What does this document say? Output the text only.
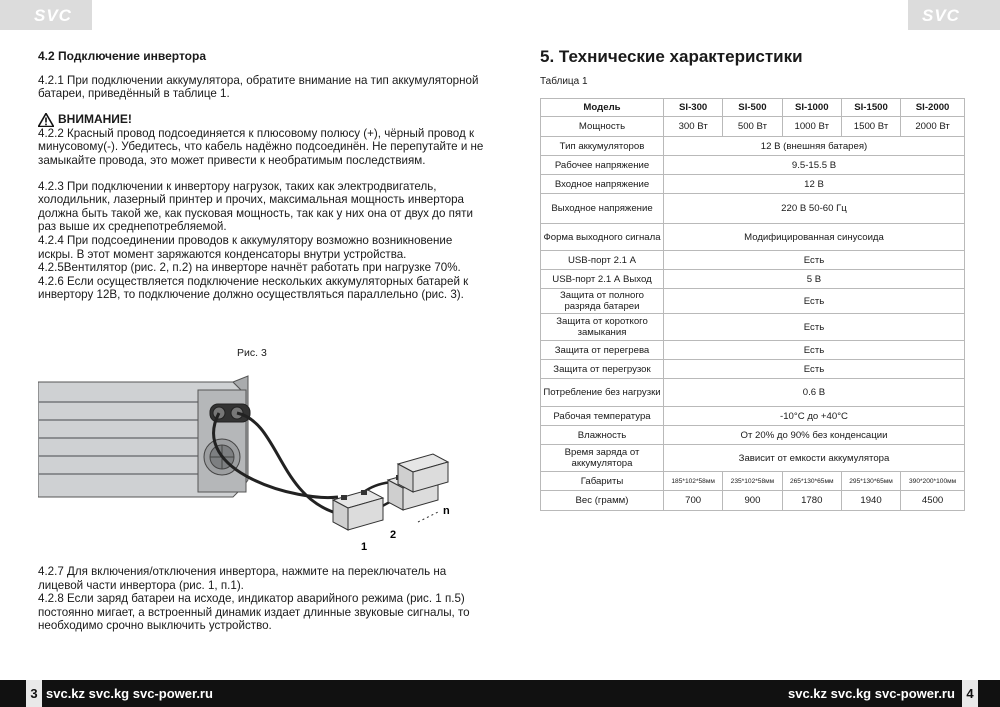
SVC	SVC
4.2 Подключение инвертора

4.2.1 При подключении аккумулятора, обратите внимание на тип аккумуляторной батареи, приведённый в таблице 1.

ВНИМАНИЕ!

4.2.2 Красный провод подсоединяется к плюсовому полюсу (+), чёрный провод к минусовому(-). Убедитесь, что кабель надёжно подсоединён. Не перепутайте и не замыкайте провода, это может привести к необратимым последствиям.

4.2.3 При подключении к инвертору нагрузок, таких как электродвигатель, холодильник, лазерный принтер и прочих, максимальная мощность инвертора должна быть такой же, как пусковая мощность, так как у них она от двух до пяти раз выше их среднепотребляемой.

4.2.4 При подсоединении проводов к аккумулятору возможно возникновение искры. В этот момент заряжаются конденсаторы внутри устройства.

4.2.5Вентилятор (рис. 2, п.2) на инверторе начнёт работать при нагрузке 70%.

4.2.6 Если осуществляется подключение нескольких аккумуляторных батарей к инвертору 12В, то подключение должно осуществляться параллельно (рис. 3).

Рис. 3
1
2
n

4.2.7 Для включения/отключения инвертора, нажмите на переключатель на лицевой части инвертора (рис. 1, п.1).

4.2.8 Если заряд батареи на исходе, индикатор аварийного режима (рис. 1 п.5) постоянно мигает, а встроенный динамик издает длинные звуковые сигналы, то необходимо срочно выключить устройство.

5. Технические характеристики
Таблица 1
Модель	SI-300	SI-500	SI-1000	SI-1500	SI-2000
Мощность	300 Вт	500 Вт	1000 Вт	1500 Вт	2000 Вт
Тип аккумуляторов	12 В (внешняя батарея)				
Рабочее напряжение	9.5-15.5 В				
Входное напряжение	12 В				
Выходное напряжение	220 В 50-60 Гц				
Форма выходного сигнала	Модифицированная синусоида				
USB-порт 2.1 А	Есть				
USB-порт 2.1 А Выход	5 В				
Защита от полного разряда батареи	Есть				
Защита от короткого замыкания	Есть				
Защита от перегрева	Есть				
Защита от перегрузок	Есть				
Потребление без нагрузки	0.6 В				
Рабочая температура	-10°C до +40°C				
Влажность	От 20% до 90% без конденсации				
Время заряда от аккумулятора	Зависит от емкости аккумулятора				
Габариты	185*102*58мм	235*102*58мм	265*130*65мм	295*130*65мм	390*200*100мм
Вес (грамм)	700	900	1780	1940	4500
3 svc.kz svc.kg svc-power.ru	svc.kz svc.kg svc-power.ru 4
